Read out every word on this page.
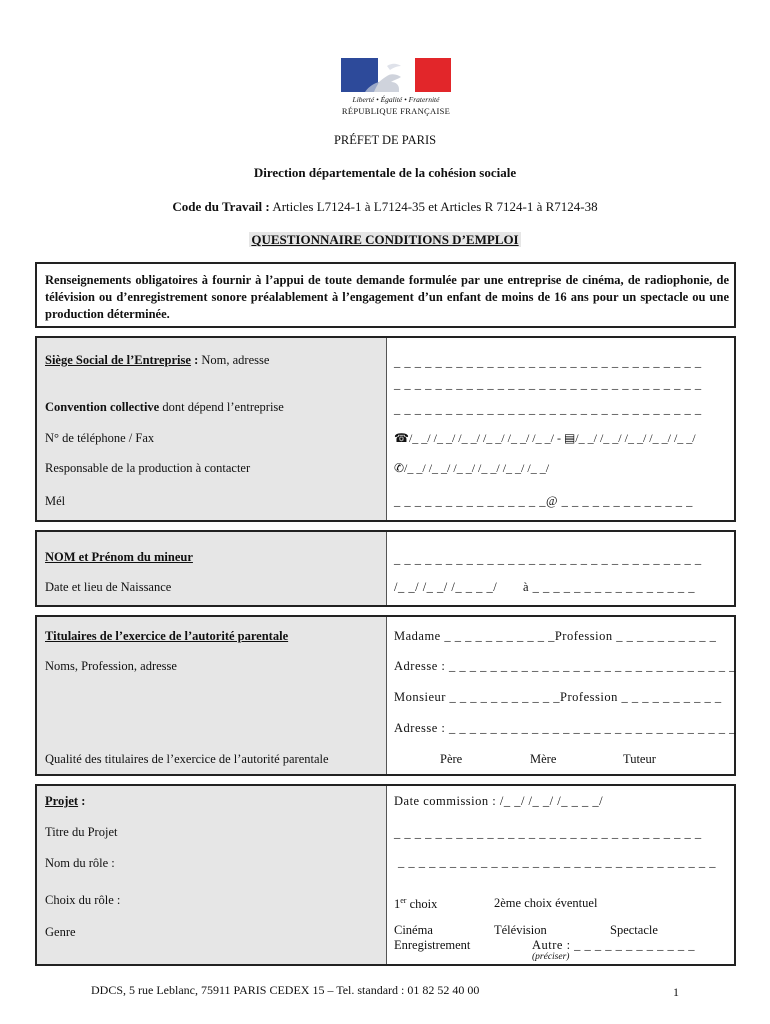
Liberté • Égalité • Fraternité
RÉPUBLIQUE FRANÇAISE
PRÉFET DE PARIS
Direction départementale de la cohésion sociale
Code du Travail : Articles L7124-1 à L7124-35 et Articles R 7124-1 à R7124-38
QUESTIONNAIRE CONDITIONS D’EMPLOI
Renseignements obligatoires à fournir à l’appui de toute demande formulée par une entreprise de cinéma, de radiophonie, de télévision ou d’enregistrement sonore préalablement à l’engagement d’un enfant de moins de 16 ans pour un spectacle ou une production déterminée.
Siège Social de l’Entreprise : Nom, adresse	_ _ _ _ _ _ _ _ _ _ _ _ _ _ _ _ _ _ _ _ _ _ _ _ _ _ _ _ _ _
_ _ _ _ _ _ _ _ _ _ _ _ _ _ _ _ _ _ _ _ _ _ _ _ _ _ _ _ _ _
Convention collective dont dépend l’entreprise	_ _ _ _ _ _ _ _ _ _ _ _ _ _ _ _ _ _ _ _ _ _ _ _ _ _ _ _ _ _
N° de téléphone / Fax	☎/_ _/ /_ _/ /_ _/ /_ _/ /_ _/ /_ _/ - ▤/_ _/ /_ _/ /_ _/ /_ _/ /_ _/
Responsable de la production à contacter	✆/_ _/ /_ _/ /_ _/ /_ _/ /_ _/ /_ _/
Mél	_ _ _ _ _ _ _ _ _ _ _ _ _ _ _@ _ _ _ _ _ _ _ _ _ _ _ _ _
NOM et Prénom du mineur	_ _ _ _ _ _ _ _ _ _ _ _ _ _ _ _ _ _ _ _ _ _ _ _ _ _ _ _ _ _
Date et lieu de Naissance	/_ _/ /_ _/ /_ _ _ _/ à _ _ _ _ _ _ _ _ _ _ _ _ _ _ _ _
Titulaires de l’exercice de l’autorité parentale
Noms, Profession, adresse
Madame _ _ _ _ _ _ _ _ _ _ _Profession _ _ _ _ _ _ _ _ _ _
Adresse : _ _ _ _ _ _ _ _ _ _ _ _ _ _ _ _ _ _ _ _ _ _ _ _ _ _ _ _
Monsieur _ _ _ _ _ _ _ _ _ _ _Profession _ _ _ _ _ _ _ _ _ _
Adresse : _ _ _ _ _ _ _ _ _ _ _ _ _ _ _ _ _ _ _ _ _ _ _ _ _ _ _ _
Qualité des titulaires de l’exercice de l’autorité parentale	Père	Mère	Tuteur
Projet :	Date commission : /_ _/ /_ _/ /_ _ _ _/
Titre du Projet	_ _ _ _ _ _ _ _ _ _ _ _ _ _ _ _ _ _ _ _ _ _ _ _ _ _ _ _ _ _
Nom du rôle :	_ _ _ _ _ _ _ _ _ _ _ _ _ _ _ _ _ _ _ _ _ _ _ _ _ _ _ _ _ _ _
Choix du rôle :	1er choix	2ème choix éventuel
Genre	Cinéma	Télévision	Spectacle
Enregistrement	Autre : _ _ _ _ _ _ _ _ _ _ _ _
(préciser)
DDCS, 5 rue Leblanc, 75911 PARIS CEDEX 15 – Tel. standard : 01 82 52 40 00	1
